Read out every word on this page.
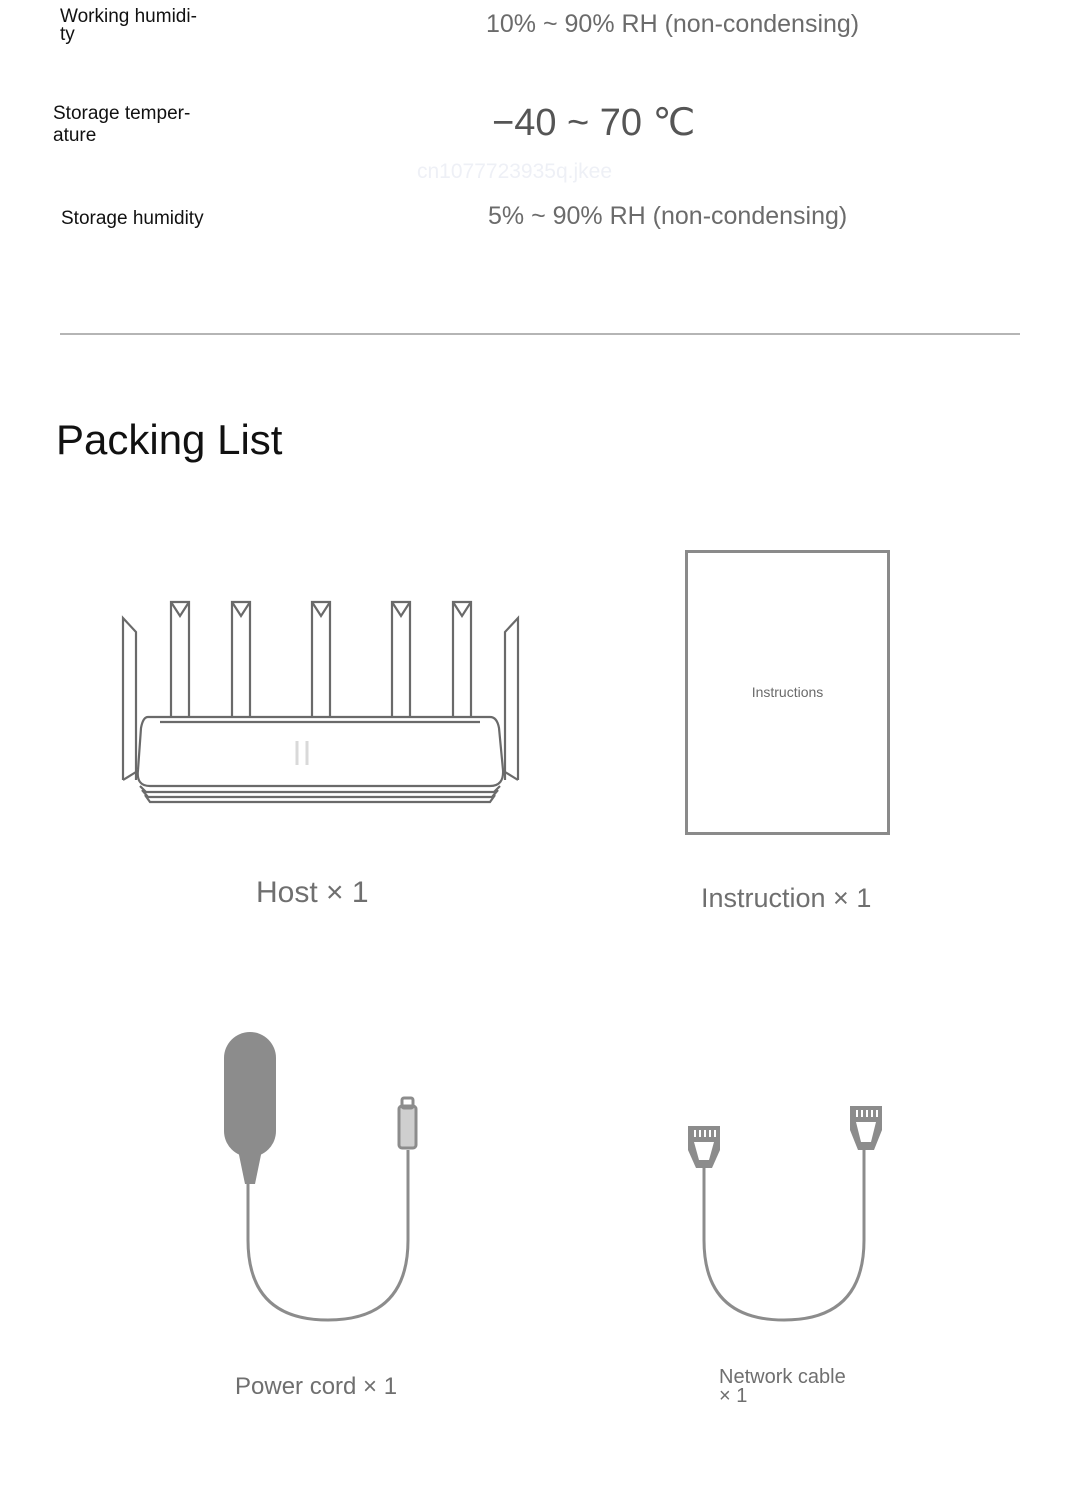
Working humidi-
ty	10% ~ 90% RH (non-condensing)
Storage temper-
ature	−40 ~ 70 ℃
cn1077723935q.jkee
Storage humidity	5% ~ 90% RH (non-condensing)
Packing List
Host × 1
Instructions
Instruction × 1
Power cord × 1	Network cable
× 1
